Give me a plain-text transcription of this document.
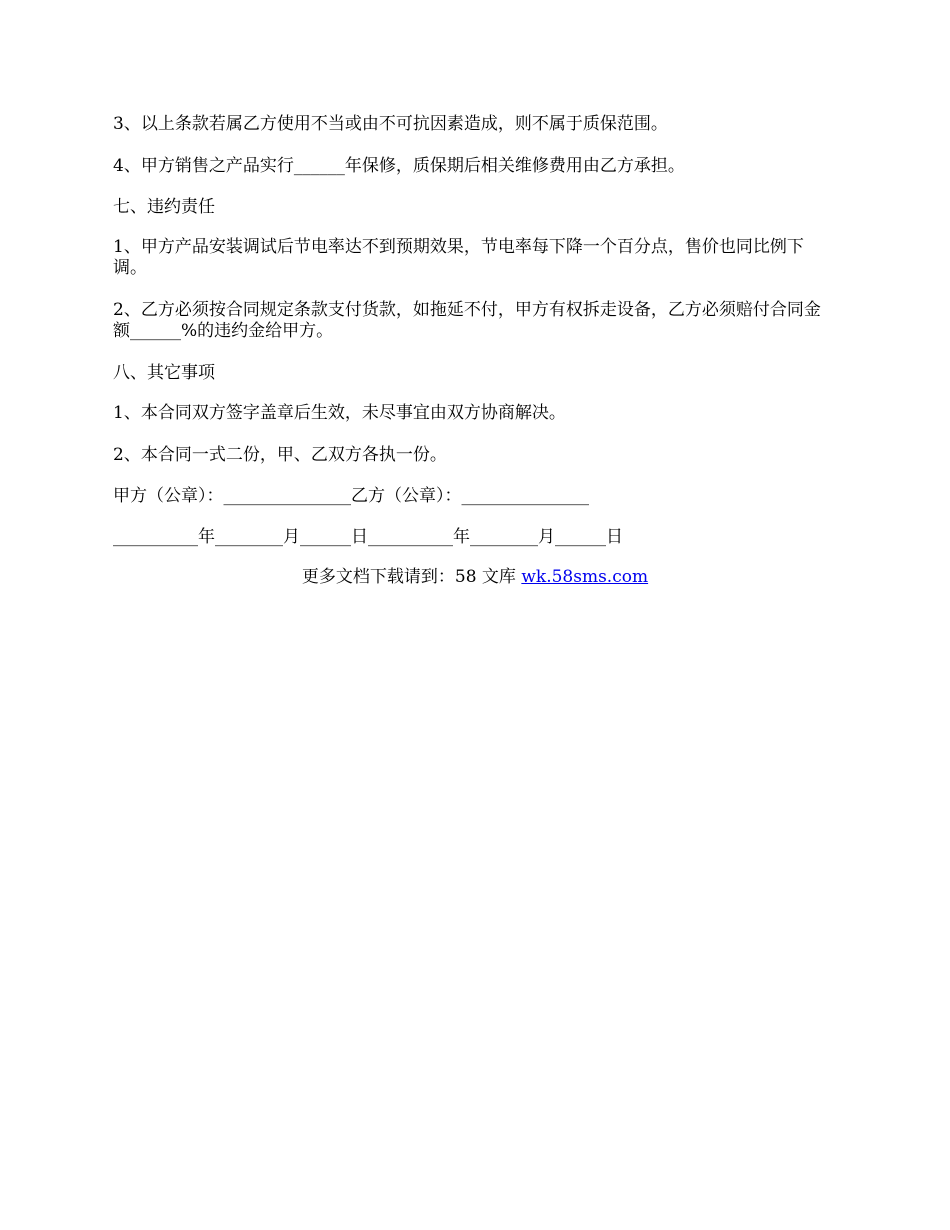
3、以上条款若属乙方使用不当或由不可抗因素造成，则不属于质保范围。

4、甲方销售之产品实行______年保修，质保期后相关维修费用由乙方承担。

七、违约责任

1、甲方产品安装调试后节电率达不到预期效果，节电率每下降一个百分点，售价也同比例下调。

2、乙方必须按合同规定条款支付货款，如拖延不付，甲方有权拆走设备，乙方必须赔付合同金额______%的违约金给甲方。

八、其它事项

1、本合同双方签字盖章后生效，未尽事宜由双方协商解决。

2、本合同一式二份，甲、乙双方各执一份。

甲方（公章）：_______________乙方（公章）：_______________

__________年________月______日__________年________月______日

更多文档下载请到：58 文库 wk.58sms.com
